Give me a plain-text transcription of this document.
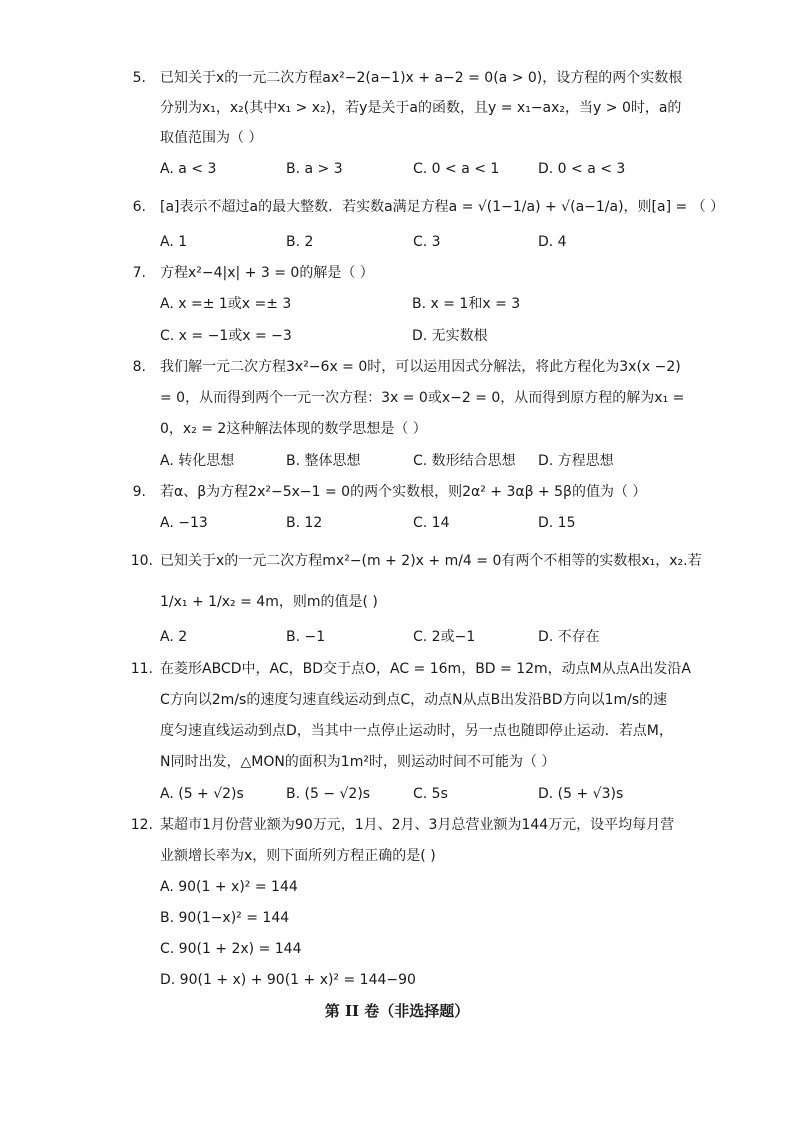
5. 已知关于x的一元二次方程ax²−2(a−1)x + a−2 = 0(a > 0)，设方程的两个实数根
分别为x₁，x₂(其中x₁ > x₂)，若y是关于a的函数，且y = x₁−ax₂，当y > 0时，a的
取值范围为（ ）
A. a < 3	B. a > 3	C. 0 < a < 1	D. 0 < a < 3
6. [a]表示不超过a的最大整数．若实数a满足方程a = √(1−1/a) + √(a−1/a)，则[a] = （ ）
A. 1	B. 2	C. 3	D. 4
7. 方程x²−4|x| + 3 = 0的解是（ ）
A. x =± 1或x =± 3	B. x = 1和x = 3
C. x = −1或x = −3	D. 无实数根
8. 我们解一元二次方程3x²−6x = 0时，可以运用因式分解法，将此方程化为3x(x −2)
= 0，从而得到两个一元一次方程：3x = 0或x−2 = 0，从而得到原方程的解为x₁ =
0，x₂ = 2这种解法体现的数学思想是（ ）
A. 转化思想	B. 整体思想	C. 数形结合思想 D. 方程思想
9. 若α、β为方程2x²−5x−1 = 0的两个实数根，则2α² + 3αβ + 5β的值为（ ）
A. −13	B. 12	C. 14	D. 15
10. 已知关于x的一元二次方程mx²−(m + 2)x + m/4 = 0有两个不相等的实数根x₁，x₂.若
1/x₁ + 1/x₂ = 4m，则m的值是( )
A. 2	B. −1	C. 2或−1	D. 不存在
11. 在菱形ABCD中，AC，BD交于点O，AC = 16m，BD = 12m，动点M从点A出发沿A
C方向以2m/s的速度匀速直线运动到点C，动点N从点B出发沿BD方向以1m/s的速
度匀速直线运动到点D，当其中一点停止运动时，另一点也随即停止运动．若点M，
N同时出发，△MON的面积为1m²时，则运动时间不可能为（ ）
A. (5 + √2)s	B. (5 − √2)s	C. 5s	D. (5 + √3)s
12. 某超市1月份营业额为90万元，1月、2月、3月总营业额为144万元，设平均每月营
业额增长率为x，则下面所列方程正确的是( )
A. 90(1 + x)² = 144
B. 90(1−x)² = 144
C. 90(1 + 2x) = 144
D. 90(1 + x) + 90(1 + x)² = 144−90
第 II 卷（非选择题）
